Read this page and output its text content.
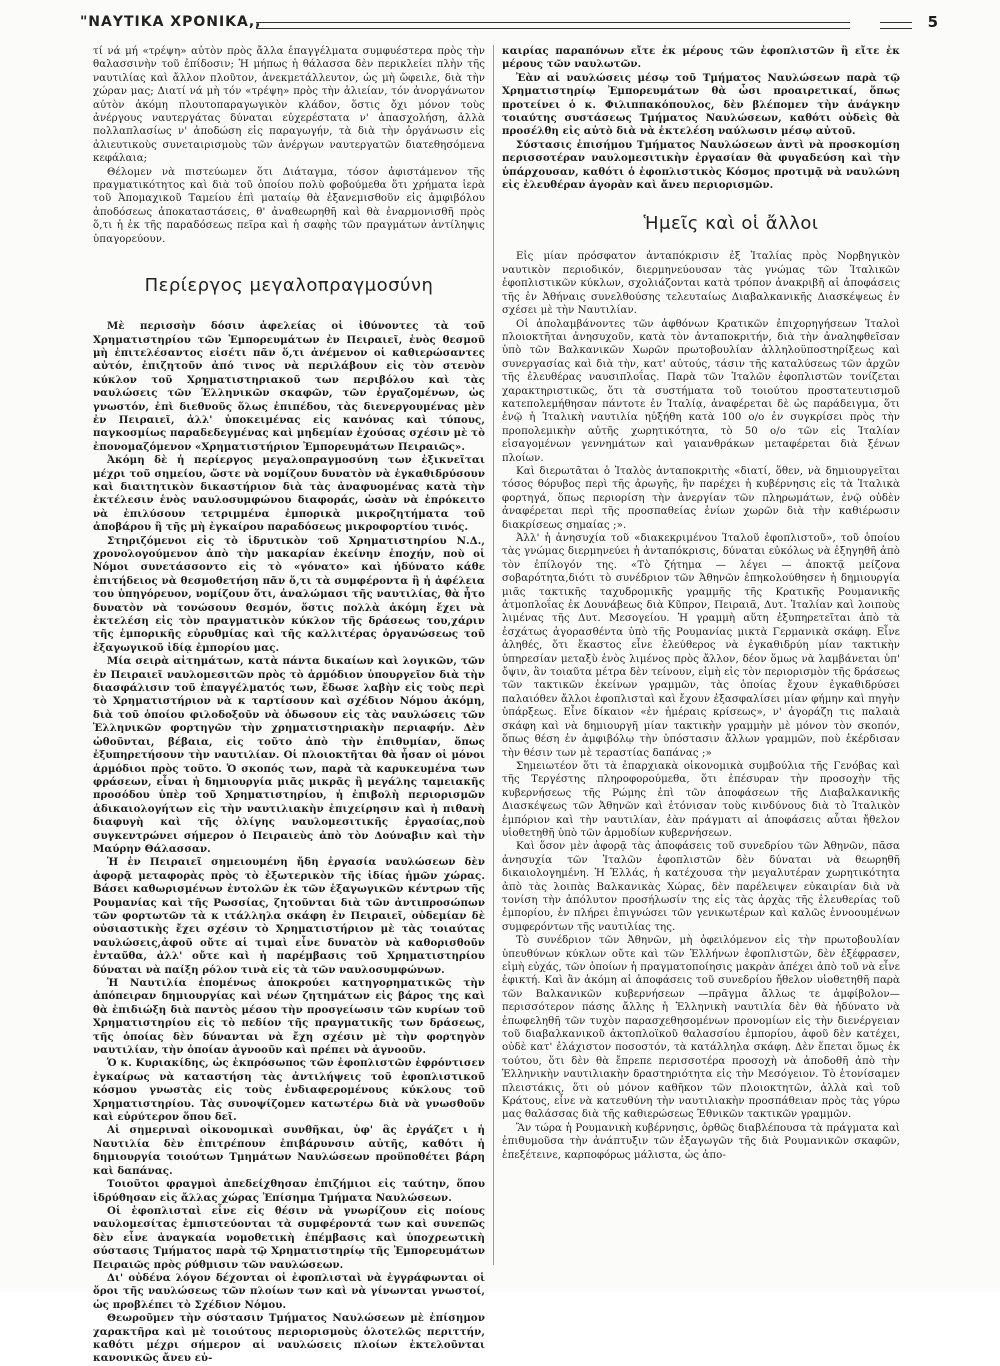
"ΝΑΥΤΙΚΑ ΧΡΟΝΙΚΑ,,	5

τί νά μή «τρέψη» αὐτὸν πρὸς ἄλλα ἐπαγγέλματα συμφυέστερα πρὸς τὴν θαλασσινὴν τοῦ ἐπίδοσιν; Ἡ μήπως ἡ θάλασσα δὲν περικλείει πλὴν τῆς ναυτιλίας καὶ ἄλλον πλοῦτον, ἀνεκμετάλλευτον, ὡς μὴ ὤφειλε, διὰ τὴν χώραν μας; Διατί νά μὴ τόν «τρέψη» πρὸς τὴν ἁλιείαν, τόν ἀνοργάνωτον αὐτὸν ἀκόμη πλουτοπαραγωγικὸν κλάδον, ὅστις ὄχι μόνον τοὺς ἀνέργους ναυτεργάτας δύναται εὐχερέστατα ν' ἀπασχολήση, ἀλλὰ πολλαπλασίως ν' ἀποδώση εἰς παραγωγήν, τὰ διὰ τὴν ὀργάνωσιν εἰς ἁλιευτικοὺς συνεταιρισμοὺς τῶν ἀνέργων ναυτεργατῶν διατεθησόμενα κεφάλαια;

Θέλομεν νὰ πιστεύωμεν ὅτι Διάταγμα, τόσον ἀφιστάμενον τῆς πραγματικότητος καὶ διὰ τοῦ ὁποίου πολὺ φοβούμεθα ὅτι χρήματα ἱερὰ τοῦ Ἀπομαχικοῦ Ταμείου ἐπὶ ματαίῳ θὰ ἐξανεμισθοῦν εἰς ἀμφιβόλου ἀποδόσεως ἀποκαταστάσεις, θ' ἀναθεωρηθῆ καὶ θὰ ἐναρμονισθῆ πρὸς ὅ,τι ἡ ἐκ τῆς παραδόσεως πεῖρα καὶ ἡ σαφὴς τῶν πραγμάτων ἀντίληψις ὑπαγορεύουν.

Περίεργος μεγαλοπραγμοσύνη

Μὲ περισσὴν δόσιν ἀφελείας οἱ ἰθύνοντες τὰ τοῦ Χρηματιστηρίου τῶν Ἐμπορευμάτων ἐν Πειραιεῖ, ἑνὸς θεσμοῦ μὴ ἐπιτελέσαντος εἰσέτι πᾶν ὅ,τι ἀνέμενον οἱ καθιερώσαντες αὐτόν, ἐπιζητοῦν ἀπό τινος νὰ περιλάβουν εἰς τὸν στενὸν κύκλον τοῦ Χρηματιστηριακοῦ των περιβόλου καὶ τὰς ναυλώσεις τῶν Ἑλληνικῶν σκαφῶν, τῶν ἐργαζομένων, ὡς γνωστόν, ἐπὶ διεθνοῦς ὅλως ἐπιπέδου, τὰς διενεργουμένας μὲν ἐν Πειραιεῖ, ἀλλ' ὑποκειμένας εἰς κανόνας καὶ τύπους, παγκοσμίως παραδεδεγμένας καὶ μηδεμίαν ἐχούσας σχέσιν μὲ τὸ ἐπονομαζόμενον «Χρηματιστήριον Ἐμπορευμάτων Πειραιῶς».

Ἀκόμη δὲ ἡ περίεργος μεγαλοπραγμοσύνη των ἐξικνεῖται μέχρι τοῦ σημείου, ὥστε νὰ νομίζουν δυνατὸν νὰ ἐγκαθιδρύσουν καὶ διαιτητικὸν δικαστήριον διὰ τὰς ἀναφυομένας κατὰ τὴν ἐκτέλεσιν ἑνὸς ναυλοσυμφώνου διαφοράς, ὡσὰν νὰ ἐπρόκειτο νὰ ἐπιλύσουν τετριμμένα ἐμπορικὰ μικροζητήματα τοῦ ἀποβάρου ἢ τῆς μὴ ἐγκαίρου παραδόσεως μικροφορτίου τινός.

Στηριζόμενοι εἰς τὸ ἱδρυτικὸν τοῦ Χρηματιστηρίου Ν.Δ., χρονολογούμενον ἀπὸ τὴν μακαρίαν ἐκείνην ἐποχήν, ποὺ οἱ Νόμοι συνετάσσοντο εἰς τὸ «γόνατο» καὶ ἠδύνατο κάθε ἐπιτήδειος νὰ θεσμοθετήση πᾶν ὅ,τι τὰ συμφέροντα ἢ ἡ ἀφέλεια του ὑπηγόρευον, νομίζουν ὅτι, ἀναλώμασι τῆς ναυτιλίας, θὰ ἦτο δυνατὸν νὰ τονώσουν θεσμόν, ὅστις πολλὰ ἀκόμη ἔχει νὰ ἐκτελέση εἰς τὸν πραγματικὸν κύκλον τῆς δράσεως του,χάριν τῆς ἐμπορικῆς εὐρυθμίας καὶ τῆς καλλιτέρας ὀργανώσεως τοῦ ἐξαγωγικοῦ ἰδίᾳ ἐμπορίου μας.

Μία σειρὰ αἰτημάτων, κατὰ πάντα δικαίων καὶ λογικῶν, τῶν ἐν Πειραιεῖ ναυλομεσιτῶν πρὸς τὸ ἁρμόδιον ὑπουργεῖον διὰ τὴν διασφάλισιν τοῦ ἐπαγγέλματός των, ἔδωσε λαβὴν εἰς τοὺς περὶ τὸ Χρηματιστήριον νὰ κ ταρτίσουν καὶ σχέδιον Νόμου ἀκόμη, διὰ τοῦ ὁποίου φιλοδοξοῦν νὰ ὁδωσουν εἰς τὰς ναυλώσεις τῶν Ἑλληνικῶν φορτηγῶν τὴν χρηματιστηριακὴν περιαφήν. Δὲν ὠθοῦνται, βέβαια, εἰς τοῦτο ἀπὸ τὴν ἐπιθυμίαν, ὅπως ἐξυπηρετήσουν τὴν ναυτιλίαν. Οἱ πλοιοκτῆται θὰ ἦσαν οἱ μόνοι ἁρμόδιοι πρὸς τοῦτο. Ὁ σκοπός των, παρὰ τὰ καρυκευμένα των φράσεων, εἶναι ἡ δημιουργία μιᾶς μικρᾶς ἢ μεγάλης ταμειακῆς προσόδου ὑπὲρ τοῦ Χρηματιστηρίου, ἡ ἐπιβολὴ περιορισμῶν ἀδικαιολογήτων εἰς τὴν ναυτιλιακὴν ἐπιχείρησιν καὶ ἡ πιθανὴ διαφυγὴ καὶ τῆς ὀλίγης ναυλομεσιτικῆς ἐργασίας,ποὺ συγκεντρώνει σήμερον ὁ Πειραιεὺς ἀπὸ τὸν Δούναβιν καὶ τὴν Μαύρην Θάλασσαν.

Ἡ ἐν Πειραιεῖ σημειουμένη ἤδη ἐργασία ναυλώσεων δὲν ἀφορᾷ μεταφορὰς πρὸς τὸ ἐξωτερικὸν τῆς ἰδίας ἡμῶν χώρας. Βάσει καθωρισμένων ἐντολῶν ἐκ τῶν ἐξαγωγικῶν κέντρων τῆς Ρουμανίας καὶ τῆς Ρωσσίας, ζητοῦνται διὰ τῶν ἀντιπροσώπων τῶν φορτωτῶν τὰ κ ιτάλληλα σκάφη ἐν Πειραιεῖ, οὐδεμίαν δὲ οὐσιαστικὴς ἔχει σχέσιν τὸ Χρηματιστήριον μὲ τὰς τοιαύτας ναυλώσεις,ἀφοῦ οὔτε αἱ τιμαὶ εἶνε δυνατὸν νὰ καθορισθοῦν ἐνταῦθα, ἀλλ' οὔτε καὶ ἡ παρέμβασις τοῦ Χρηματιστηρίου δύναται νὰ παίξη ρόλον τινὰ εἰς τὰ τῶν ναυλοσυμφώνων.

Ἡ Ναυτιλία ἑπομένως ἀποκρούει κατηγορηματικῶς τὴν ἀπόπειραν δημιουργίας καὶ νέων ζητημάτων εἰς βάρος της καὶ θὰ ἐπιδιώξη διὰ παντὸς μέσου τὴν προσγείωσιν τῶν κυρίων τοῦ Χρηματιστηρίου εἰς τὸ πεδίον τῆς πραγματικῆς των δράσεως, τῆς ὁποίας δὲν δύνανται νὰ ἔχη σχέσιν μὲ τὴν φορτηγὸν ναυτιλίαν, τὴν ὁποίαν ἀγνοοῦν καὶ πρέπει νὰ ἀγνοοῦν.

Ὁ κ. Κυριακίδης, ὡς ἐκπρόσωπος τῶν ἐφοπλιστῶν ἐφρόντισεν ἐγκαίρως νὰ καταστήση τὰς ἀντιλήψεις τοῦ ἐφοπλιστικοῦ κόσμου γνωστὰς εἰς τοὺς ἐνδιαφερομένους κύκλους τοῦ Χρηματιστηρίου. Τὰς συνοψίζομεν κατωτέρω διὰ νὰ γνωσθοῦν καὶ εὐρύτερον ὅπου δεῖ.

Αἱ σημεριναὶ οἰκονομικαὶ συνθῆκαι, ὑφ' ἃς ἐργάζετ ι ἡ Ναυτιλία δὲν ἐπιτρέπουν ἐπιβάρυνσιν αὐτῆς, καθότι ἡ δημιουργία τοιούτων Τμημάτων Ναυλώσεων προϋποθέτει βάρη καὶ δαπάνας.

Τοιοῦτοι φραγμοὶ ἀπεδείχθησαν ἐπιζήμιοι εἰς ταύτην, ὅπου ἱδρύθησαν εἰς ἄλλας χώρας Ἐπίσημα Τμήματα Ναυλώσεων.

Οἱ ἐφοπλισταὶ εἶνε εἰς θέσιν νὰ γνωρίζουν εἰς ποίους ναυλομεσίτας ἐμπιστεύονται τὰ συμφέροντά των καὶ συνεπῶς δὲν εἶνε ἀναγκαία νομοθετικὴ ἐπέμβασις καὶ ὑποχρεωτικὴ σύστασις Τμήματος παρὰ τῷ Χρηματιστηρίῳ τῆς Ἐμπορευμάτων Πειραιῶς πρὸς ρύθμισιν τῶν ναυλώσεων.

Δι' οὐδένα λόγον δέχονται οἱ ἐφοπλισταὶ νὰ ἐγγράφωνται οἱ ὅροι τῆς ναυλώσεως τῶν πλοίων των καὶ νὰ γίνωνται γνωστοί, ὡς προβλέπει τὸ Σχέδιον Νόμου.

Θεωροῦμεν τὴν σύστασιν Τμήματος Ναυλώσεων μὲ ἐπίσημον χαρακτῆρα καὶ μὲ τοιούτους περιορισμοὺς ὁλοτελῶς περιττήν, καθότι μέχρι σήμερον αἱ ναυλώσεις πλοίων ἐκτελοῦνται κανονικῶς ἄνευ εὐ-

καιρίας παραπόνων εἴτε ἐκ μέρους τῶν ἐφοπλιστῶν ἢ εἴτε ἐκ μέρους τῶν ναυλωτῶν.

Ἐὰν αἱ ναυλώσεις μέσῳ τοῦ Τμήματος Ναυλώσεων παρὰ τῷ Χρηματιστηρίῳ Ἐμπορευμάτων θὰ ὦσι προαιρετικαί, ὅπως προτείνει ὁ κ. Φιλιππακόπουλος, δὲν βλέπομεν τὴν ἀνάγκην τοιαύτης συστάσεως Τμήματος Ναυλώσεων, καθότι οὐδεὶς θὰ προσέλθη εἰς αὐτὸ διὰ νὰ ἐκτελέση ναύλωσιν μέσῳ αὐτοῦ.

Σύστασις ἐπισήμου Τμήματος Ναυλώσεων ἀντὶ νὰ προσκομίση περισσοτέραν ναυλομεσιτικὴν ἐργασίαν θὰ φυγαδεύση καὶ τὴν ὑπάρχουσαν, καθότι ὁ ἐφοπλιστικὸς Κόσμος προτιμᾷ νὰ ναυλώνη εἰς ἐλευθέραν ἀγορὰν καὶ ἄνευ περιορισμῶν.

Ἡμεῖς καὶ οἱ ἄλλοι

Εἰς μίαν πρόσφατον ἀνταπόκρισιν ἐξ Ἰταλίας πρὸς Νορβηγικὸν ναυτικὸν περιοδικόν, διερμηνεύουσαν τὰς γνώμας τῶν Ἰταλικῶν ἐφοπλιστικῶν κύκλων, σχολιάζονται κατὰ τρόπον ἀνακριβῆ αἱ ἀποφάσεις τῆς ἐν Ἀθήναις συνελθούσης τελευταίως Διαβαλκανικῆς Διασκέψεως ἐν σχέσει μὲ τὴν Ναυτιλίαν.

Οἱ ἀπολαμβάνοντες τῶν ἀφθόνων Κρατικῶν ἐπιχορηγήσεων Ἰταλοὶ πλοιοκτῆται ἀνησυχοῦν, κατὰ τὸν ἀνταποκριτήν, διὰ τὴν ἀναληφθεῖσαν ὑπὸ τῶν Βαλκανικῶν Χωρῶν πρωτοβουλίαν ἀλληλοϋποστηρίξεως καὶ συνεργασίας καὶ διὰ τὴν, κατ' αὐτούς, τάσιν τῆς καταλύσεως τῶν ἀρχῶν τῆς ἐλευθέρας ναυσιπλοΐας. Παρὰ τῶν Ἰταλῶν ἐφοπλιστῶν τονίζεται χαρακτηριστικῶς, ὅτι τὰ συστήματα τοῦ τοιούτου προστατευτισμοῦ κατεπολεμήθησαν πάντοτε ἐν Ἰταλίᾳ, ἀναφέρεται δὲ ὡς παράδειγμα, ὅτι ἐνῷ ἡ Ἰταλικὴ ναυτιλία ηὐξήθη κατὰ 100 ο/ο ἐν συγκρίσει πρὸς τὴν προπολεμικὴν αὐτῆς χωρητικότητα, τὸ 50 ο/ο τῶν εἰς Ἰταλίαν εἰσαγομένων γεννημάτων καὶ γαιανθράκων μεταφέρεται διὰ ξένων πλοίων.

Καὶ διερωτᾶται ὁ Ἰταλὸς ἀνταποκριτὴς «διατί, ὅθεν, νὰ δημιουργεῖται τόσος θόρυβος περὶ τῆς ἀρωγῆς, ἣν παρέχει ἡ κυβέρνησις εἰς τὰ Ἰταλικὰ φορτηγά, ὅπως περιορίση τὴν ἀνεργίαν τῶν πληρωμάτων, ἐνῷ οὐδὲν ἀναφέρεται περὶ τῆς προσπαθείας ἐνίων χωρῶν διὰ τὴν καθιέρωσιν διακρίσεως σημαίας ;».

Ἀλλ' ἡ ἀνησυχία τοῦ «διακεκριμένου Ἰταλοῦ ἐφοπλιστοῦ», τοῦ ὁποίου τὰς γνώμας διερμηνεύει ἡ ἀνταπόκρισις, δύναται εὐκόλως νὰ ἐξηγηθῆ ἀπὸ τὸν ἐπίλογόν της. «Τὸ ζήτημα — λέγει — ἀποκτᾷ μείζονα σοβαρότητα,διότι τὸ συνέδριον τῶν Ἀθηνῶν ἐπηκολούθησεν ἡ δημιουργία μιᾶς τακτικῆς ταχυδρομικῆς γραμμῆς τῆς Κρατικῆς Ρουμανικῆς ἀτμοπλοΐας ἐκ Δουνάβεως διὰ Κῦπρον, Πειραιᾶ, Δυτ. Ἰταλίαν καὶ λοιποὺς λιμένας τῆς Δυτ. Μεσογείου. Ἡ γραμμὴ αὕτη ἐξυπηρετεῖται ἀπὸ τὰ ἐσχάτως ἀγορασθέντα ὑπὸ τῆς Ρουμανίας μικτὰ Γερμανικὰ σκάφη. Εἶνε ἀληθές, ὅτι ἕκαστος εἶνε ἐλεύθερος νὰ ἐγκαθιδρύη μίαν τακτικὴν ὑπηρεσίαν μεταξὺ ἑνὸς λιμένος πρὸς ἄλλον, δέον ὅμως νὰ λαμβάνεται ὑπ' ὄψιν, ἂν τοιαῦτα μέτρα δὲν τείνουν, εἰμὴ εἰς τὸν περιορισμὸν τῆς δράσεως τῶν τακτικῶν ἐκείνων γραμμῶν, τὰς ὁποίας ἔχουν ἐγκαθιδρύσει παλαιόθεν ἄλλοι ἐφοπλισταὶ καὶ ἔχουν ἐξασφαλίσει μίαν φήμην καὶ πηγὴν ὑπάρξεως. Εἶνε δίκαιον «ἐν ἡμέραις κρίσεως», ν' ἀγοράζη τις παλαιὰ σκάφη καὶ νὰ δημιουργῆ μίαν τακτικὴν γραμμὴν μὲ μόνον τὸν σκοπόν, ὅπως θέση ἐν ἀμφιβόλῳ τὴν ὑπόστασιν ἄλλων γραμμῶν, ποὺ ἐκέρδισαν τὴν θέσιν των μὲ τεραστίας δαπάνας ;»

Σημειωτέον ὅτι τὰ ἐπαρχιακὰ οἰκονομικὰ συμβούλια τῆς Γενόβας καὶ τῆς Τεργέστης πληροφορούμεθα, ὅτι ἐπέσυραν τὴν προσοχὴν τῆς κυβερνήσεως τῆς Ρώμης ἐπὶ τῶν ἀποφάσεων τῆς Διαβαλκανικῆς Διασκέψεως τῶν Ἀθηνῶν καὶ ἐτόνισαν τοὺς κινδύνους διὰ τὸ Ἰταλικὸν ἐμπόριον καὶ τὴν ναυτιλίαν, ἐὰν πράγματι αἱ ἀποφάσεις αὗται ἤθελον υἱοθετηθῆ ὑπὸ τῶν ἁρμοδίων κυβερνήσεων.

Καὶ ὅσον μὲν ἀφορᾷ τὰς ἀποφάσεις τοῦ συνεδρίου τῶν Ἀθηνῶν, πᾶσα ἀνησυχία τῶν Ἰταλῶν ἐφοπλιστῶν δὲν δύναται νὰ θεωρηθῆ δικαιολογημένη. Ἡ Ἑλλάς, ἡ κατέχουσα τὴν μεγαλυτέραν χωρητικότητα ἀπὸ τὰς λοιπὰς Βαλκανικὰς Χώρας, δὲν παρέλειψεν εὐκαιρίαν διὰ νὰ τονίση τὴν ἀπόλυτον προσήλωσίν της εἰς τὰς ἀρχὰς τῆς ἐλευθερίας τοῦ ἐμπορίου, ἐν πλήρει ἐπιγνώσει τῶν γενικωτέρων καὶ καλῶς ἐννοουμένων συμφερόντων τῆς ναυτιλίας της.

Τὸ συνέδριον τῶν Ἀθηνῶν, μὴ ὀφειλόμενον εἰς τὴν πρωτοβουλίαν ὑπευθύνων κύκλων οὔτε καὶ τῶν Ἑλλήνων ἐφοπλιστῶν, δὲν ἐξέφρασεν, εἰμὴ εὐχάς, τῶν ὁποίων ἡ πραγματοποίησις μακρὰν ἀπέχει ἀπὸ τοῦ νὰ εἶνε ἐφικτή. Καὶ ἂν ἀκόμη αἱ ἀποφάσεις τοῦ συνεδρίου ἤθελον υἱοθετηθῆ παρὰ τῶν Βαλκανικῶν κυβερνήσεων —πρᾶγμα ἄλλως τε ἀμφίβολον—περισσότερον πάσης ἄλλης ἡ Ἑλληνικὴ ναυτιλία δὲν θὰ ἠδύνατο νὰ ἐπωφεληθῆ τῶν τυχὸν παρασχεθησομένων προνομίων εἰς τὴν διενέργειαν τοῦ διαβαλκανικοῦ ἀκτοπλοϊκοῦ θαλασσίου ἐμπορίου, ἀφοῦ δὲν κατέχει, οὐδὲ κατ' ἐλάχιστον ποσοστόν, τὰ κατάλληλα σκάφη. Δὲν ἕπεται ὅμως ἐκ τούτου, ὅτι δὲν θὰ ἔπρεπε περισσοτέρα προσοχὴ νὰ ἀποδοθῆ ἀπὸ τὴν Ἑλληνικὴν ναυτιλιακὴν δραστηριότητα εἰς τὴν Μεσόγειον. Τὸ ἐτονίσαμεν πλειστάκις, ὅτι οὐ μόνον καθῆκον τῶν πλοιοκτητῶν, ἀλλὰ καὶ τοῦ Κράτους, εἶνε νὰ κατευθύνη τὴν ναυτιλιακὴν προσπάθειαν πρὸς τὰς γύρω μας θαλάσσας διὰ τῆς καθιερώσεως Ἐθνικῶν τακτικῶν γραμμῶν.

Ἂν τώρα ἡ Ρουμανικὴ κυβέρνησις, ὀρθῶς διαβλέπουσα τὰ πράγματα καὶ ἐπιθυμοῦσα τὴν ἀνάπτυξιν τῶν ἐξαγωγῶν τῆς διὰ Ρουμανικῶν σκαφῶν, ἐπεξέτεινε, καρποφόρως μάλιστα, ὡς ἀπο-
